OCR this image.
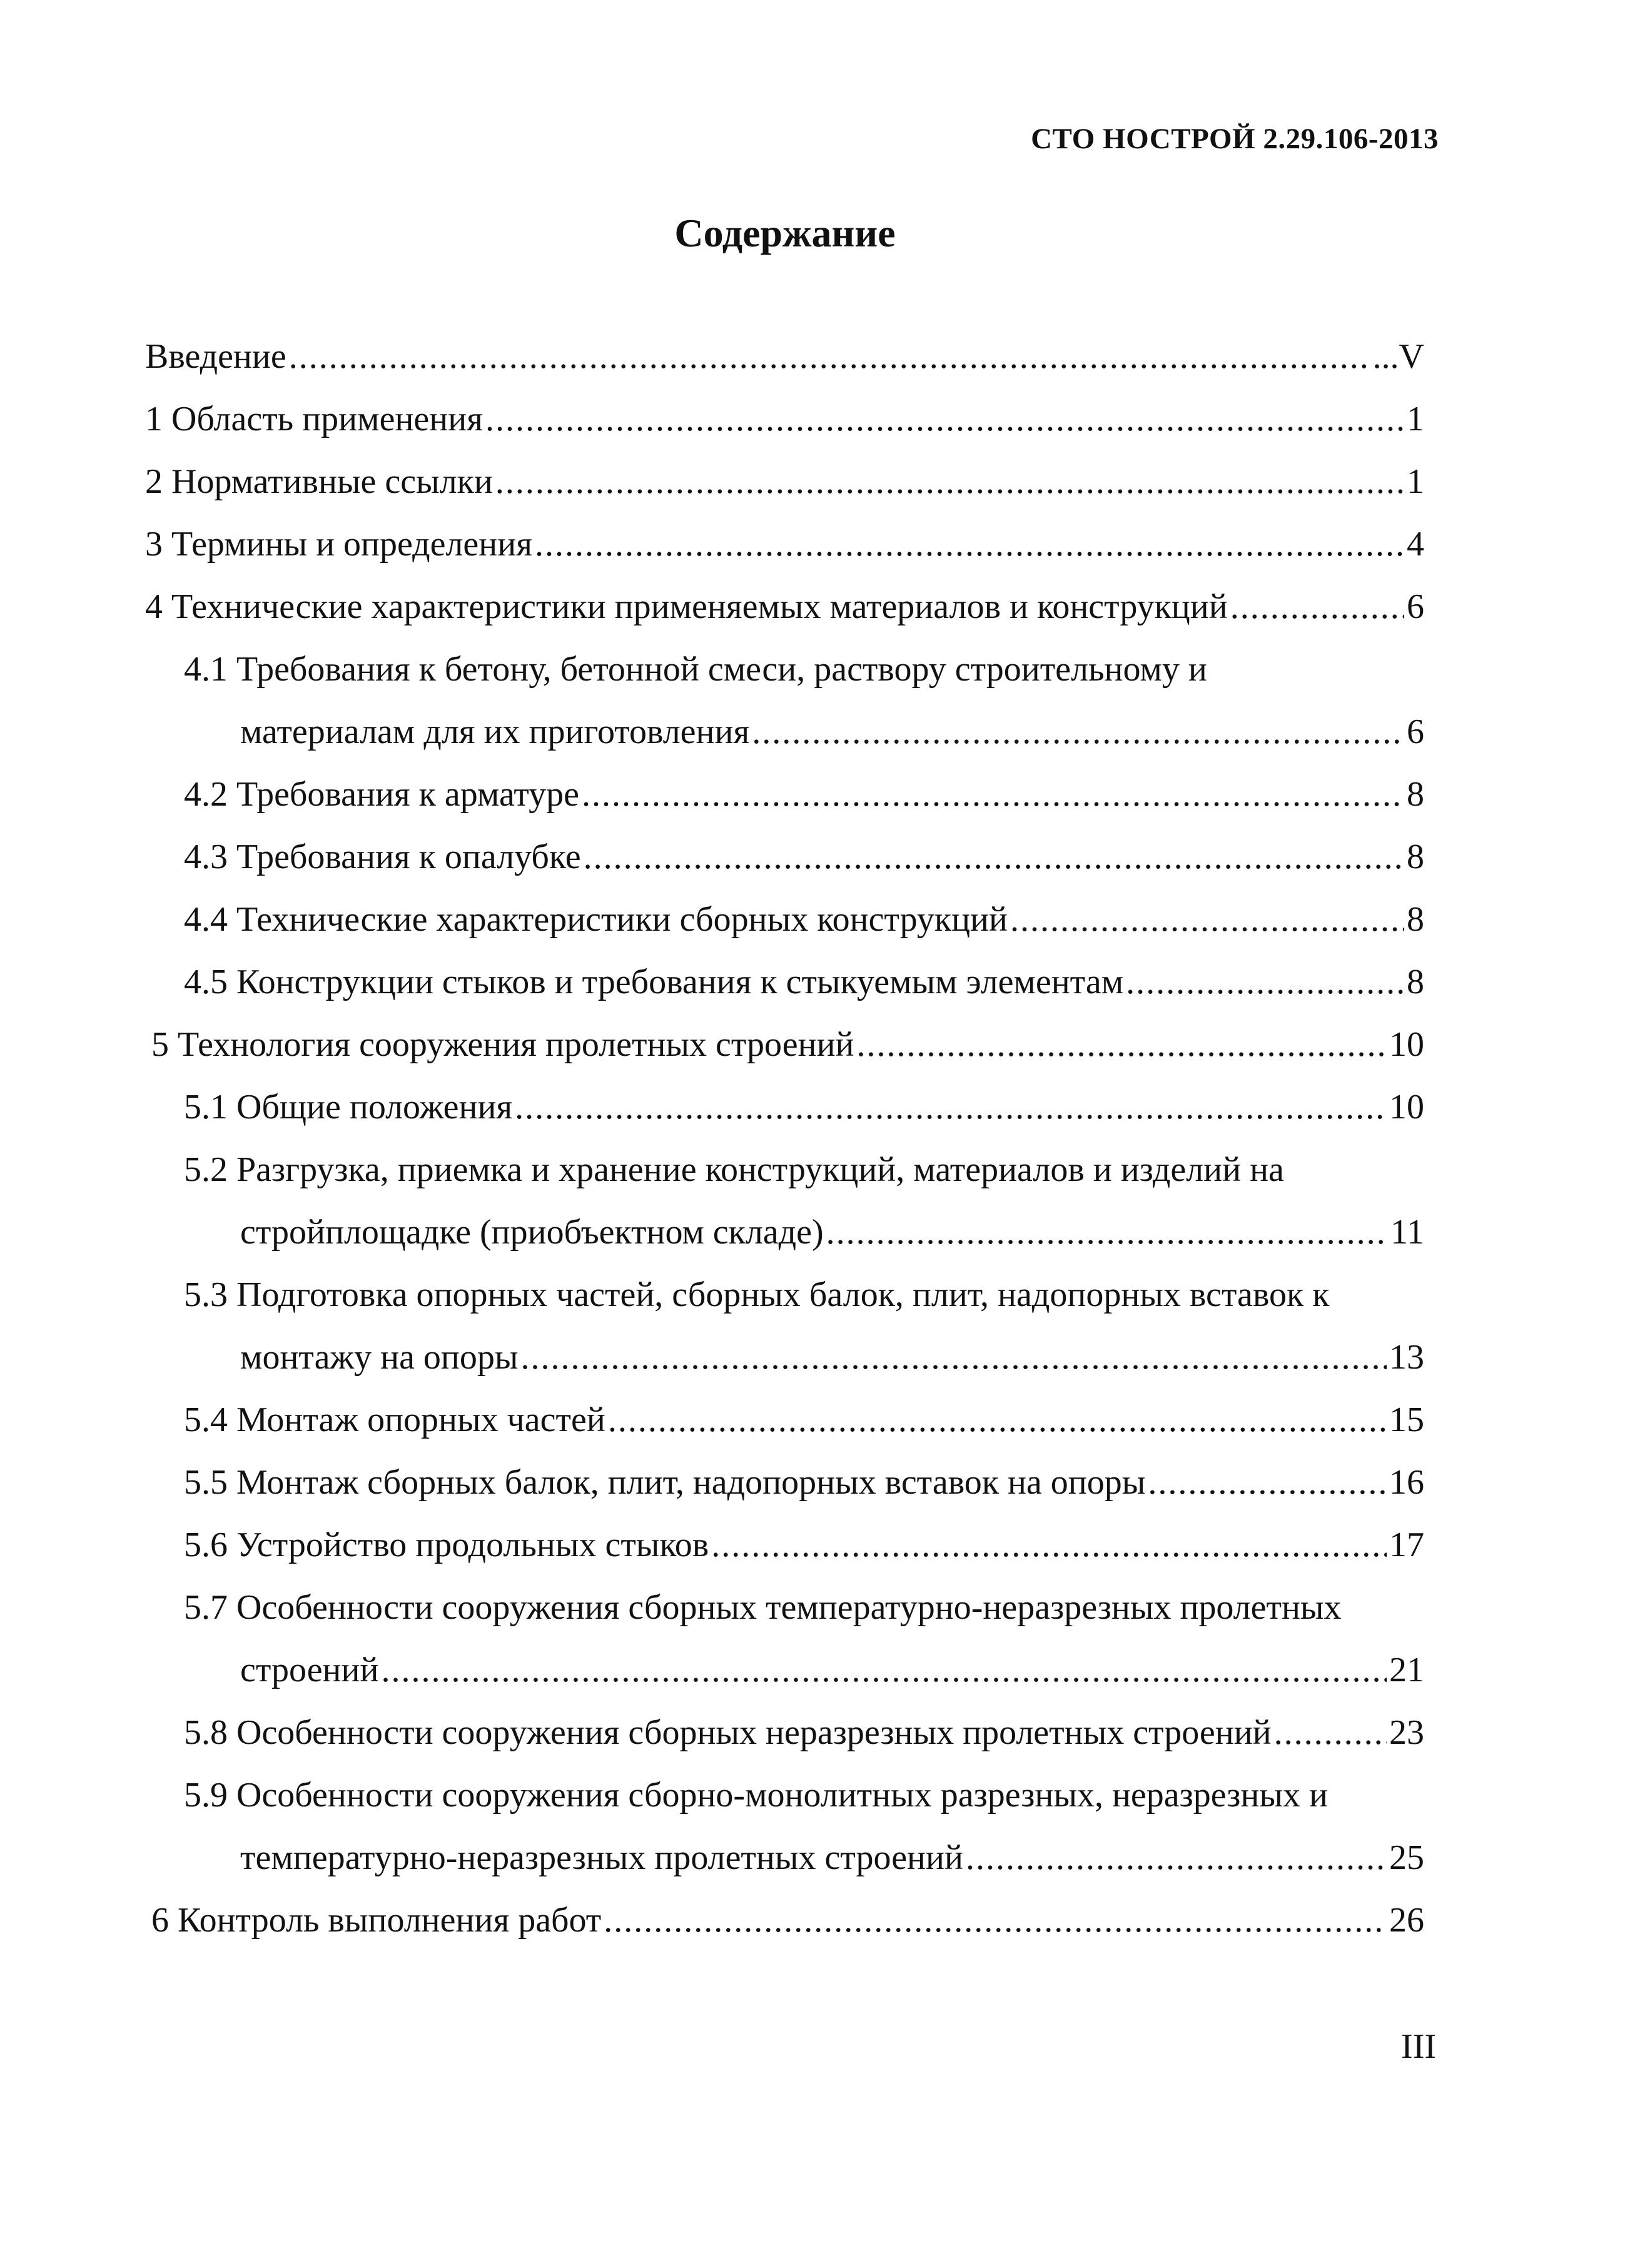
СТО НОСТРОЙ 2.29.106-2013
Содержание
Введение .....	...V
1 Область применения .....	1
2 Нормативные ссылки .....	1
3 Термины и определения .....	4
4 Технические характеристики применяемых материалов и конструкций .....	6
4.1 Требования к бетону, бетонной смеси, раствору строительному и
материалам для их приготовления .....	6
4.2 Требования к арматуре .....	8
4.3 Требования к опалубке .....	8
4.4 Технические характеристики сборных конструкций .....	8
4.5 Конструкции стыков и требования к стыкуемым элементам .....	8
5 Технология сооружения пролетных строений .....	10
5.1 Общие положения .....	10
5.2 Разгрузка, приемка и хранение конструкций, материалов и изделий на
стройплощадке (приобъектном складе) .....	11
5.3 Подготовка опорных частей, сборных балок, плит, надопорных вставок к
монтажу на опоры .....	13
5.4 Монтаж опорных частей .....	15
5.5 Монтаж сборных балок, плит, надопорных вставок на опоры .....	16
5.6 Устройство продольных стыков .....	17
5.7 Особенности сооружения сборных температурно-неразрезных пролетных
строений .....	21
5.8 Особенности сооружения сборных неразрезных пролетных строений .....	23
5.9 Особенности сооружения сборно-монолитных разрезных, неразрезных и
температурно-неразрезных пролетных строений .....	25
6 Контроль выполнения работ .....	26
III
